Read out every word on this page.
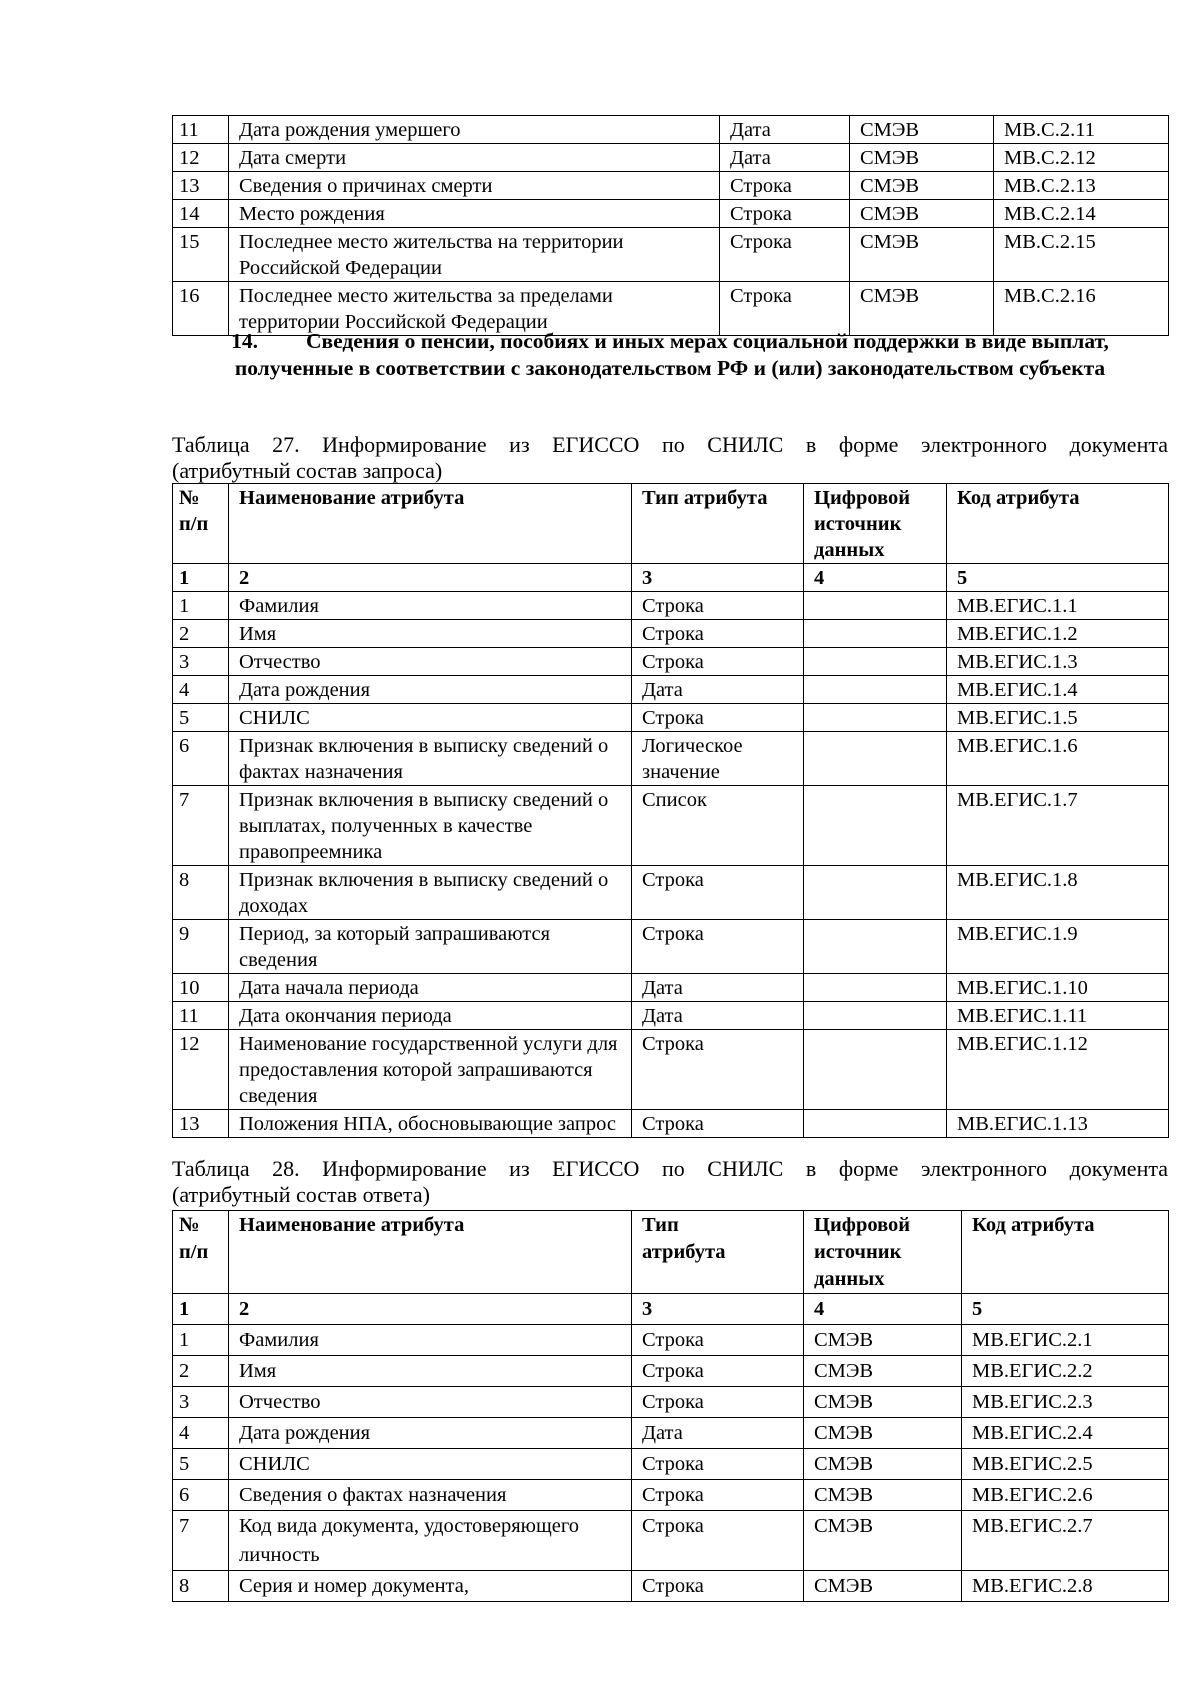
11	Дата рождения умершего	Дата	СМЭВ	MB.C.2.11
12	Дата смерти	Дата	СМЭВ	MB.C.2.12
13	Сведения о причинах смерти	Строка	СМЭВ	MB.C.2.13
14	Место рождения	Строка	СМЭВ	MB.C.2.14
15	Последнее место жительства на территории Российской Федерации	Строка	СМЭВ	MB.C.2.15
16	Последнее место жительства за пределами территории Российской Федерации	Строка	СМЭВ	MB.C.2.16
14. Сведения о пенсии, пособиях и иных мерах социальной поддержки в виде выплат, полученные в соответствии с законодательством РФ и (или) законодательством субъекта
Таблица 27. Информирование из ЕГИССО по СНИЛС в форме электронного документа
(атрибутный состав запроса)
№ п/п	Наименование атрибута	Тип атрибута	Цифровой источник данных	Код атрибута
1	2	3	4	5
1	Фамилия	Строка		MB.ЕГИС.1.1
2	Имя	Строка		MB.ЕГИС.1.2
3	Отчество	Строка		MB.ЕГИС.1.3
4	Дата рождения	Дата		MB.ЕГИС.1.4
5	СНИЛС	Строка		MB.ЕГИС.1.5
6	Признак включения в выписку сведений о фактах назначения	Логическое значение		MB.ЕГИС.1.6
7	Признак включения в выписку сведений о выплатах, полученных в качестве правопреемника	Список		MB.ЕГИС.1.7
8	Признак включения в выписку сведений о доходах	Строка		MB.ЕГИС.1.8
9	Период, за который запрашиваются сведения	Строка		MB.ЕГИС.1.9
10	Дата начала периода	Дата		MB.ЕГИС.1.10
11	Дата окончания периода	Дата		MB.ЕГИС.1.11
12	Наименование государственной услуги для предоставления которой запрашиваются сведения	Строка		MB.ЕГИС.1.12
13	Положения НПА, обосновывающие запрос	Строка		MB.ЕГИС.1.13
Таблица 28. Информирование из ЕГИССО по СНИЛС в форме электронного документа
(атрибутный состав ответа)
№ п/п	Наименование атрибута	Тип атрибута	Цифровой источник данных	Код атрибута
1	2	3	4	5
1	Фамилия	Строка	СМЭВ	MB.ЕГИС.2.1
2	Имя	Строка	СМЭВ	MB.ЕГИС.2.2
3	Отчество	Строка	СМЭВ	MB.ЕГИС.2.3
4	Дата рождения	Дата	СМЭВ	MB.ЕГИС.2.4
5	СНИЛС	Строка	СМЭВ	MB.ЕГИС.2.5
6	Сведения о фактах назначения	Строка	СМЭВ	MB.ЕГИС.2.6
7	Код вида документа, удостоверяющего личность	Строка	СМЭВ	MB.ЕГИС.2.7
8	Серия и номер документа,	Строка	СМЭВ	MB.ЕГИС.2.8
